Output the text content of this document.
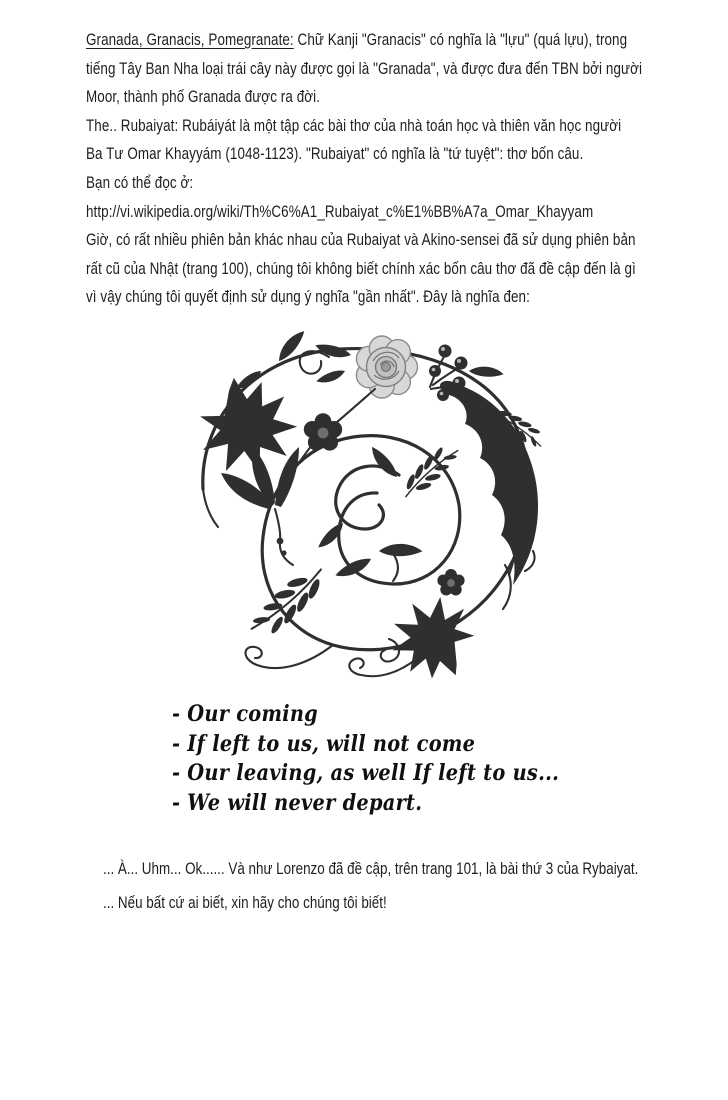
Granada, Granacis, Pomegranate: Chữ Kanji "Granacis" có nghĩa là "lựu" (quá lựu), trong
tiếng Tây Ban Nha loại trái cây này được gọi là "Granada", và được đưa đến TBN bởi người
Moor, thành phố Granada được ra đời.
The.. Rubaiyat: Rubáiyát là một tập các bài thơ của nhà toán học và thiên văn học người
Ba Tư Omar Khayyám (1048-1123). "Rubaiyat" có nghĩa là "tứ tuyệt": thơ bốn câu.
Bạn có thể đọc ở:
http://vi.wikipedia.org/wiki/Th%C6%A1_Rubaiyat_c%E1%BB%A7a_Omar_Khayyam
Giờ, có rất nhiều phiên bản khác nhau của Rubaiyat và Akino-sensei đã sử dụng phiên bản
rất cũ của Nhật (trang 100), chúng tôi không biết chính xác bốn câu thơ đã đề cập đến là gì
vì vậy chúng tôi quyết định sử dụng ý nghĩa "gần nhất". Đây là nghĩa đen:
- Our coming
- If left to us, will not come
- Our leaving, as well If left to us...
- We will never depart.
... À... Uhm... Ok...... Và như Lorenzo đã đề cập, trên trang 101, là bài thứ 3 của Rybaiyat.
... Nếu bất cứ ai biết, xin hãy cho chúng tôi biết!
